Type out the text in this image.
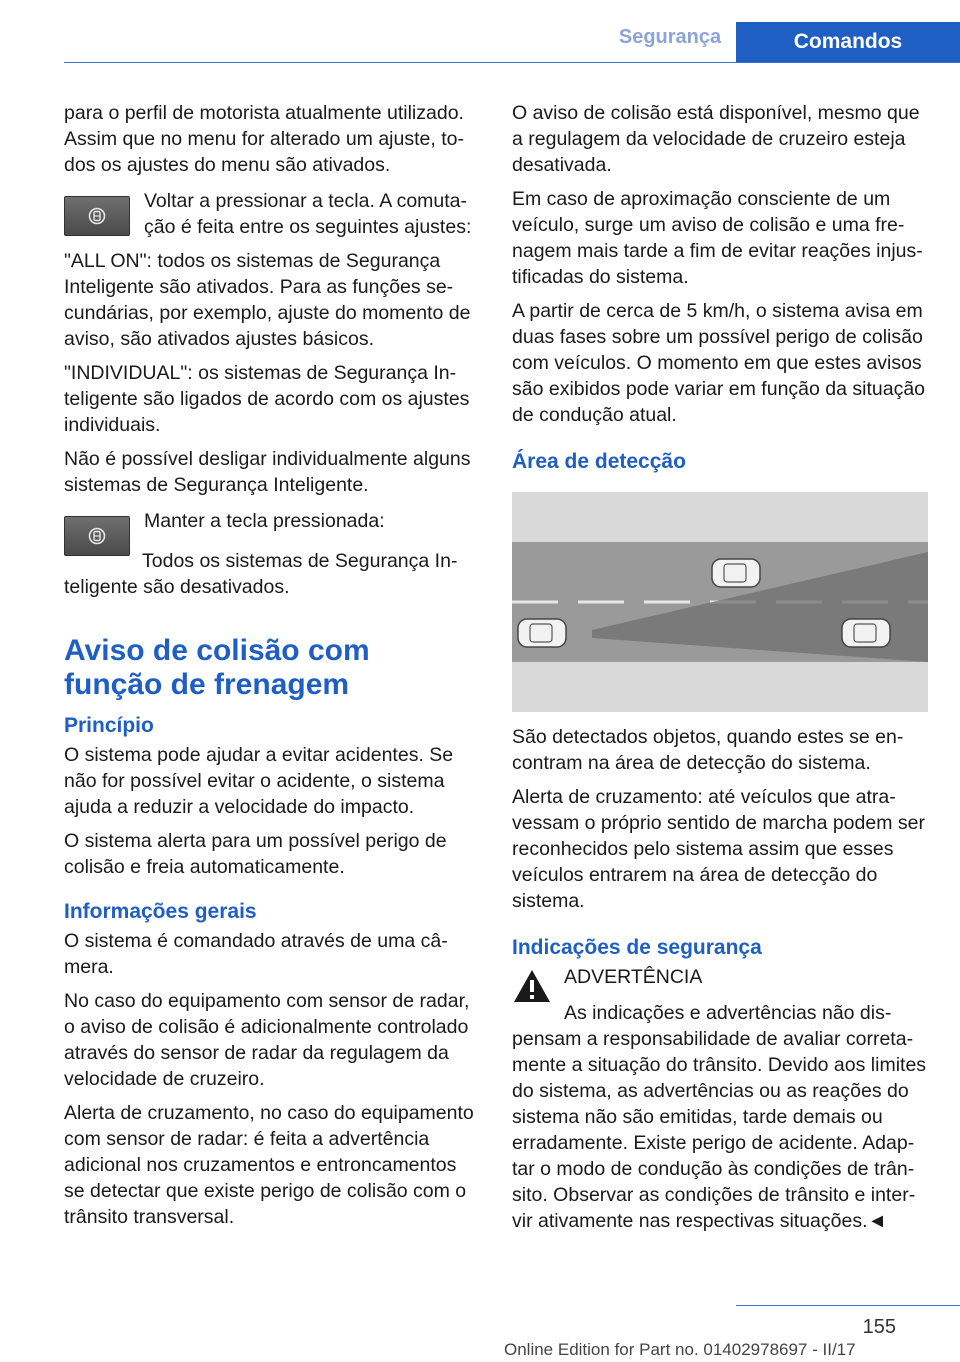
Segurança	Comandos

para o perfil de motorista atualmente utilizado. Assim que no menu for alterado um ajuste, todos os ajustes do menu são ativados.

Voltar a pressionar a tecla. A comutação é feita entre os seguintes ajustes:

"ALL ON": todos os sistemas de Segurança Inteligente são ativados. Para as funções secundárias, por exemplo, ajuste do momento de aviso, são ativados ajustes básicos.

"INDIVIDUAL": os sistemas de Segurança Inteligente são ligados de acordo com os ajustes individuais.

Não é possível desligar individualmente alguns sistemas de Segurança Inteligente.

Manter a tecla pressionada:

Todos os sistemas de Segurança Inteligente são desativados.

Aviso de colisão com função de frenagem
Princípio

O sistema pode ajudar a evitar acidentes. Se não for possível evitar o acidente, o sistema ajuda a reduzir a velocidade do impacto.

O sistema alerta para um possível perigo de colisão e freia automaticamente.

Informações gerais

O sistema é comandado através de uma câmera.

No caso do equipamento com sensor de radar, o aviso de colisão é adicionalmente controlado através do sensor de radar da regulagem da velocidade de cruzeiro.

Alerta de cruzamento, no caso do equipamento com sensor de radar: é feita a advertência adicional nos cruzamentos e entroncamentos se detectar que existe perigo de colisão com o trânsito transversal.

O aviso de colisão está disponível, mesmo que a regulagem da velocidade de cruzeiro esteja desativada.

Em caso de aproximação consciente de um veículo, surge um aviso de colisão e uma frenagem mais tarde a fim de evitar reações injustificadas do sistema.

A partir de cerca de 5 km/h, o sistema avisa em duas fases sobre um possível perigo de colisão com veículos. O momento em que estes avisos são exibidos pode variar em função da situação de condução atual.

Área de detecção

São detectados objetos, quando estes se encontram na área de detecção do sistema.

Alerta de cruzamento: até veículos que atravessam o próprio sentido de marcha podem ser reconhecidos pelo sistema assim que esses veículos entrarem na área de detecção do sistema.

Indicações de segurança

ADVERTÊNCIA

As indicações e advertências não dispensam a responsabilidade de avaliar corretamente a situação do trânsito. Devido aos limites do sistema, as advertências ou as reações do sistema não são emitidas, tarde demais ou erradamente. Existe perigo de acidente. Adaptar o modo de condução às condições de trânsito. Observar as condições de trânsito e intervir ativamente nas respectivas situações.◄

155
Online Edition for Part no. 01402978697 - II/17
